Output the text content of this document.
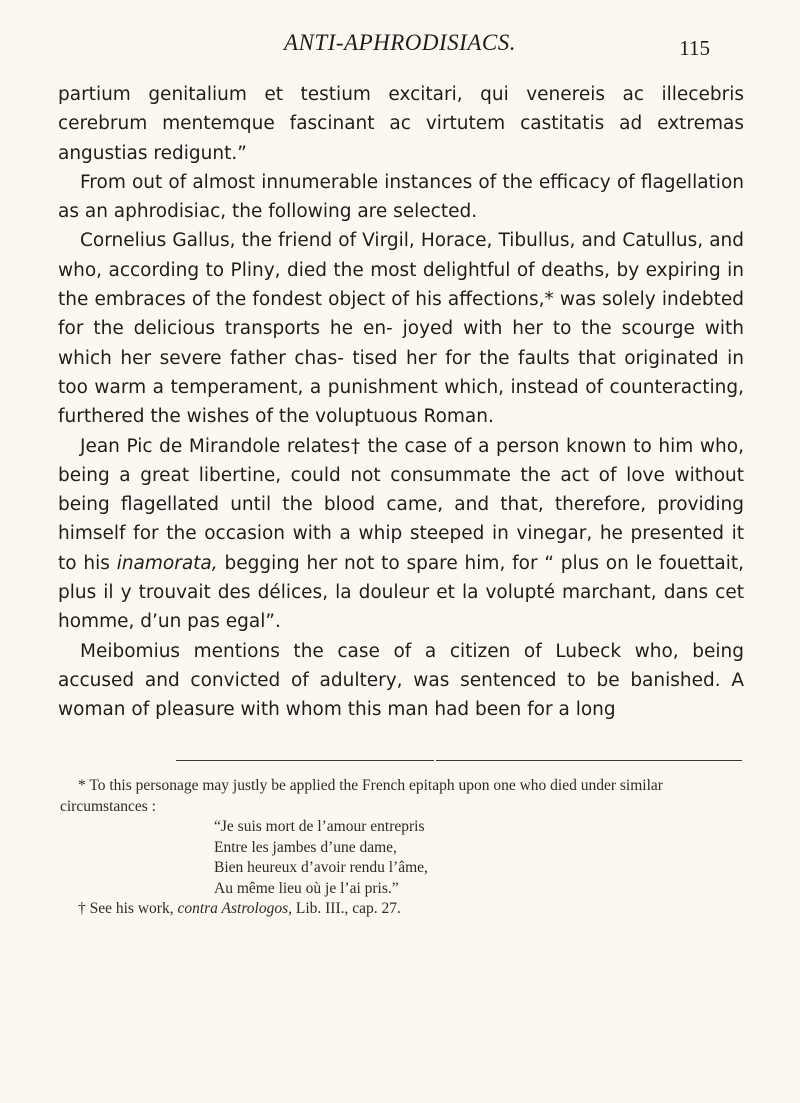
ANTI-APHRODISIACS.	115

partium genitalium et testium excitari, qui venereis ac illecebris cerebrum mentemque fascinant ac virtutem castitatis ad extremas angustias redigunt.”

From out of almost innumerable instances of the efficacy of flagellation as an aphrodisiac, the following are selected.

Cornelius Gallus, the friend of Virgil, Horace, Tibullus, and Catullus, and who, according to Pliny, died the most delightful of deaths, by expiring in the embraces of the fondest object of his affections,* was solely indebted for the delicious transports he en- joyed with her to the scourge with which her severe father chas- tised her for the faults that originated in too warm a temperament, a punishment which, instead of counteracting, furthered the wishes of the voluptuous Roman.

Jean Pic de Mirandole relates† the case of a person known to him who, being a great libertine, could not consummate the act of love without being flagellated until the blood came, and that, therefore, providing himself for the occasion with a whip steeped in vinegar, he presented it to his inamorata, begging her not to spare him, for “ plus on le fouettait, plus il y trouvait des délices, la douleur et la volupté marchant, dans cet homme, d’un pas egal”.

Meibomius mentions the case of a citizen of Lubeck who, being accused and convicted of adultery, was sentenced to be banished. A woman of pleasure with whom this man had been for a long

* To this personage may justly be applied the French epitaph upon one who died under similar circumstances :

“Je suis mort de l’amour entrepris
Entre les jambes d’une dame,
Bien heureux d’avoir rendu l’âme,
Au même lieu où je l’ai pris.”

† See his work, contra Astrologos, Lib. III., cap. 27.
